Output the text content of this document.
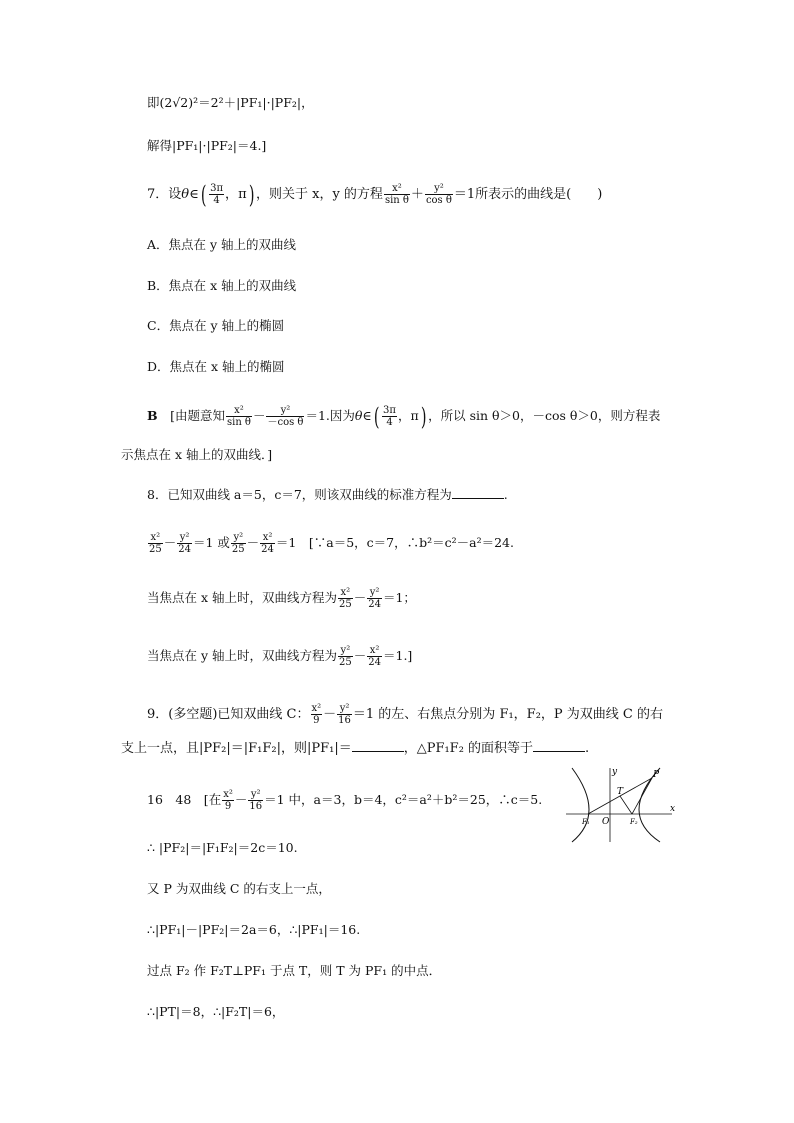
即(2√2)²＝2²＋|PF₁|·|PF₂|，
解得|PF₁|·|PF₂|＝4.]
7．设θ∈( $\frac{3\pi}{4}$ ，π) ，则关于 x，y 的方程 $\frac{\text{x²}}{\text{sin θ}} + \frac{\text{y²}}{\text{cos θ}} =1$所表示的曲线是(　　)
A．焦点在 y 轴上的双曲线
B．焦点在 x 轴上的双曲线
C．焦点在 y 轴上的椭圆
D．焦点在 x 轴上的椭圆
B　 [由题意知 $\frac{\text{x²}}{\text{sin θ}} - \frac{\text{y²}}{\text{－cos θ}} =1$.因为θ∈( $\frac{3\pi}{4}$ ，π) ，所以 sin θ＞0，－cos θ＞0，则方程表
示焦点在 x 轴上的双曲线．]
8．已知双曲线 a＝5，c＝7，则该双曲线的标准方程为	.
$\frac{\text{x²}}{25} - \frac{\text{y²}}{24} =1$ 或 $\frac{\text{y²}}{25} - \frac{\text{x²}}{24} =1$　[∵a＝5，c＝7，∴b²＝c²－a²＝24.
当焦点在 x 轴上时，双曲线方程为 $\frac{\text{x²}}{25} - \frac{\text{y²}}{24} =1$；
当焦点在 y 轴上时，双曲线方程为 $\frac{\text{y²}}{25} - \frac{\text{x²}}{24} =1$.]
9．(多空题)已知双曲线 C： $\frac{\text{x²}}{9} - \frac{\text{y²}}{16} =1$ 的左、右焦点分别为 F₁，F₂，P 为双曲线 C 的右
支上一点，且|PF₂|＝|F₁F₂|，则|PF₁|＝	，△PF₁F₂ 的面积等于	.
16　48　[在 $\frac{\text{x²}}{9} - \frac{\text{y²}}{16} =1$ 中，a＝3，b＝4，c²＝a²＋b²＝25，∴c＝5.
∴ |PF₂|＝|F₁F₂|＝2c＝10.
又 P 为双曲线 C 的右支上一点，
∴|PF₁|－|PF₂|＝2a＝6，∴|PF₁|＝16.
过点 F₂ 作 F₂T⊥PF₁ 于点 T，则 T 为 PF₁ 的中点．
∴|PT|＝8，∴|F₂T|＝6，
y
x
O
P
T
F₁	F₂
